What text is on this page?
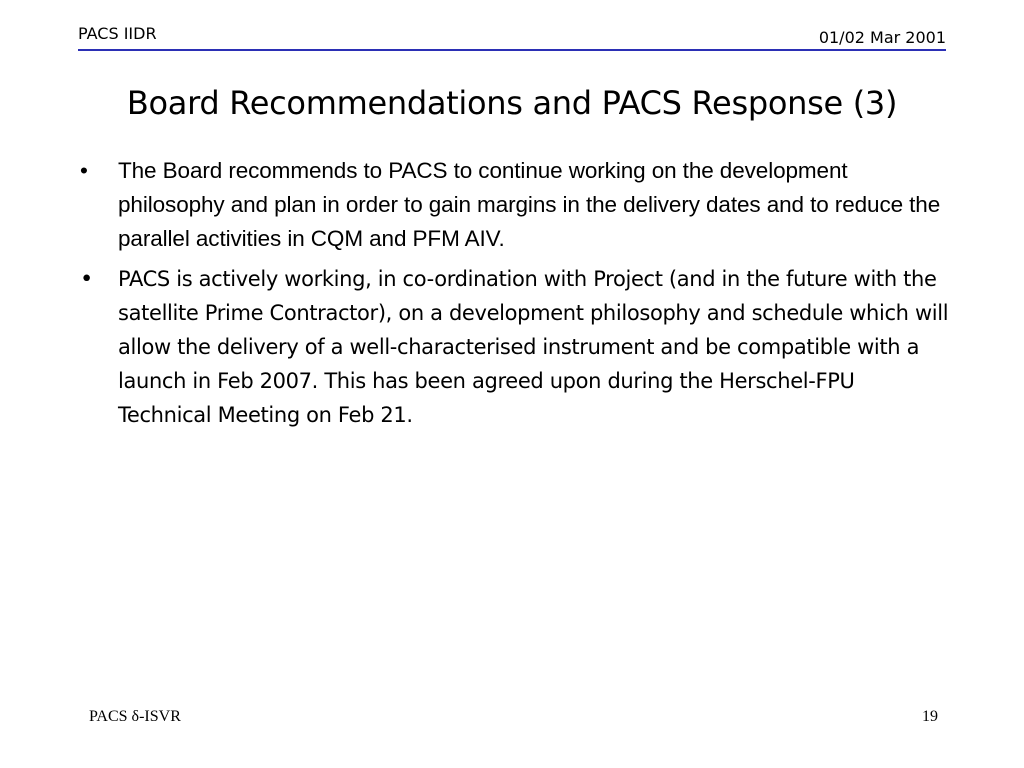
PACS IIDR	01/02 Mar 2001
Board Recommendations and PACS Response (3)
•	The Board recommends to PACS to continue working on the development philosophy and plan in order to gain margins in the delivery dates and to reduce the parallel activities in CQM and PFM AIV.
•	PACS is actively working, in co-ordination with Project (and in the future with the satellite Prime Contractor), on a development philosophy and schedule which will allow the delivery of a well-characterised instrument and be compatible with a launch in Feb 2007. This has been agreed upon during the Herschel-FPU Technical Meeting on Feb 21.
PACS δ-ISVR	19
